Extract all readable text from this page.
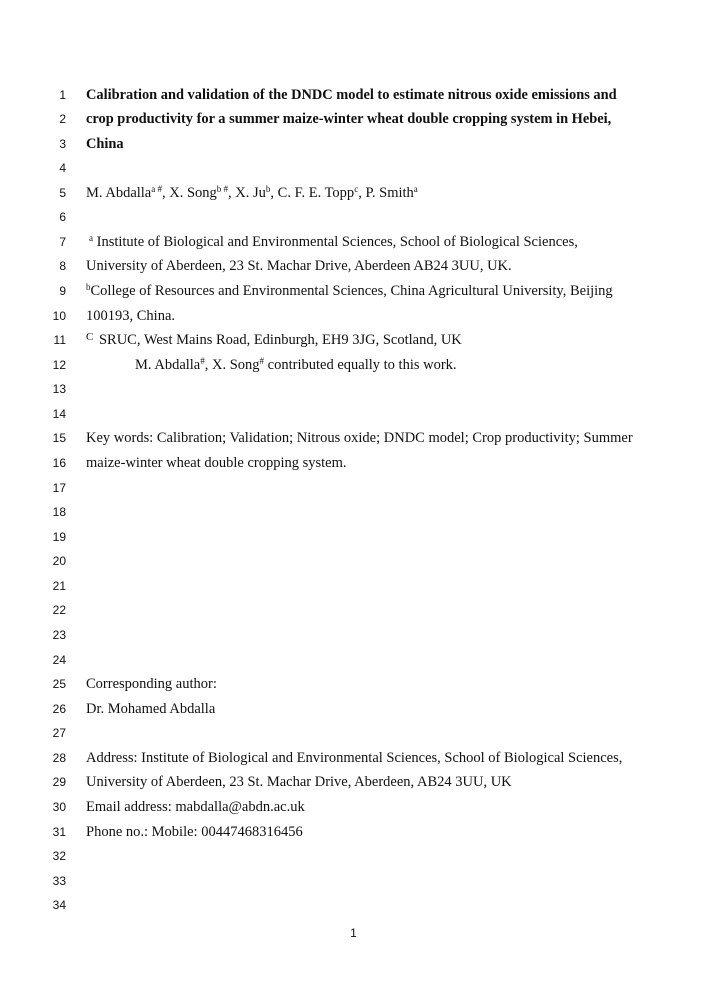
1 Calibration and validation of the DNDC model to estimate nitrous oxide emissions and
2 crop productivity for a summer maize-winter wheat double cropping system in Hebei,
3 China
4
5 M. Abdalla$^{a \#}$, X. Song$^{b \#}$, X. Ju$^b$, C. F. E. Topp$^c$, P. Smith$^a$
6
7	$^a$ Institute of Biological and Environmental Sciences, School of Biological Sciences,
8 University of Aberdeen, 23 St. Machar Drive, Aberdeen AB24 3UU, UK.
9 $^b$College of Resources and Environmental Sciences, China Agricultural University, Beijing
10 100193, China.
11 $^C$ SRUC, West Mains Road, Edinburgh, EH9 3JG, Scotland, UK
12	M. Abdalla#, X. Song# contributed equally to this work.
13
14
15 Key words: Calibration; Validation; Nitrous oxide; DNDC model; Crop productivity; Summer
16 maize-winter wheat double cropping system.
17
18
19
20
21
22
23
24
25 Corresponding author:
26 Dr. Mohamed Abdalla
27
28 Address: Institute of Biological and Environmental Sciences, School of Biological Sciences,
29 University of Aberdeen, 23 St. Machar Drive, Aberdeen, AB24 3UU, UK
30 Email address: mabdalla@abdn.ac.uk
31 Phone no.: Mobile: 00447468316456
32
33
34
1
